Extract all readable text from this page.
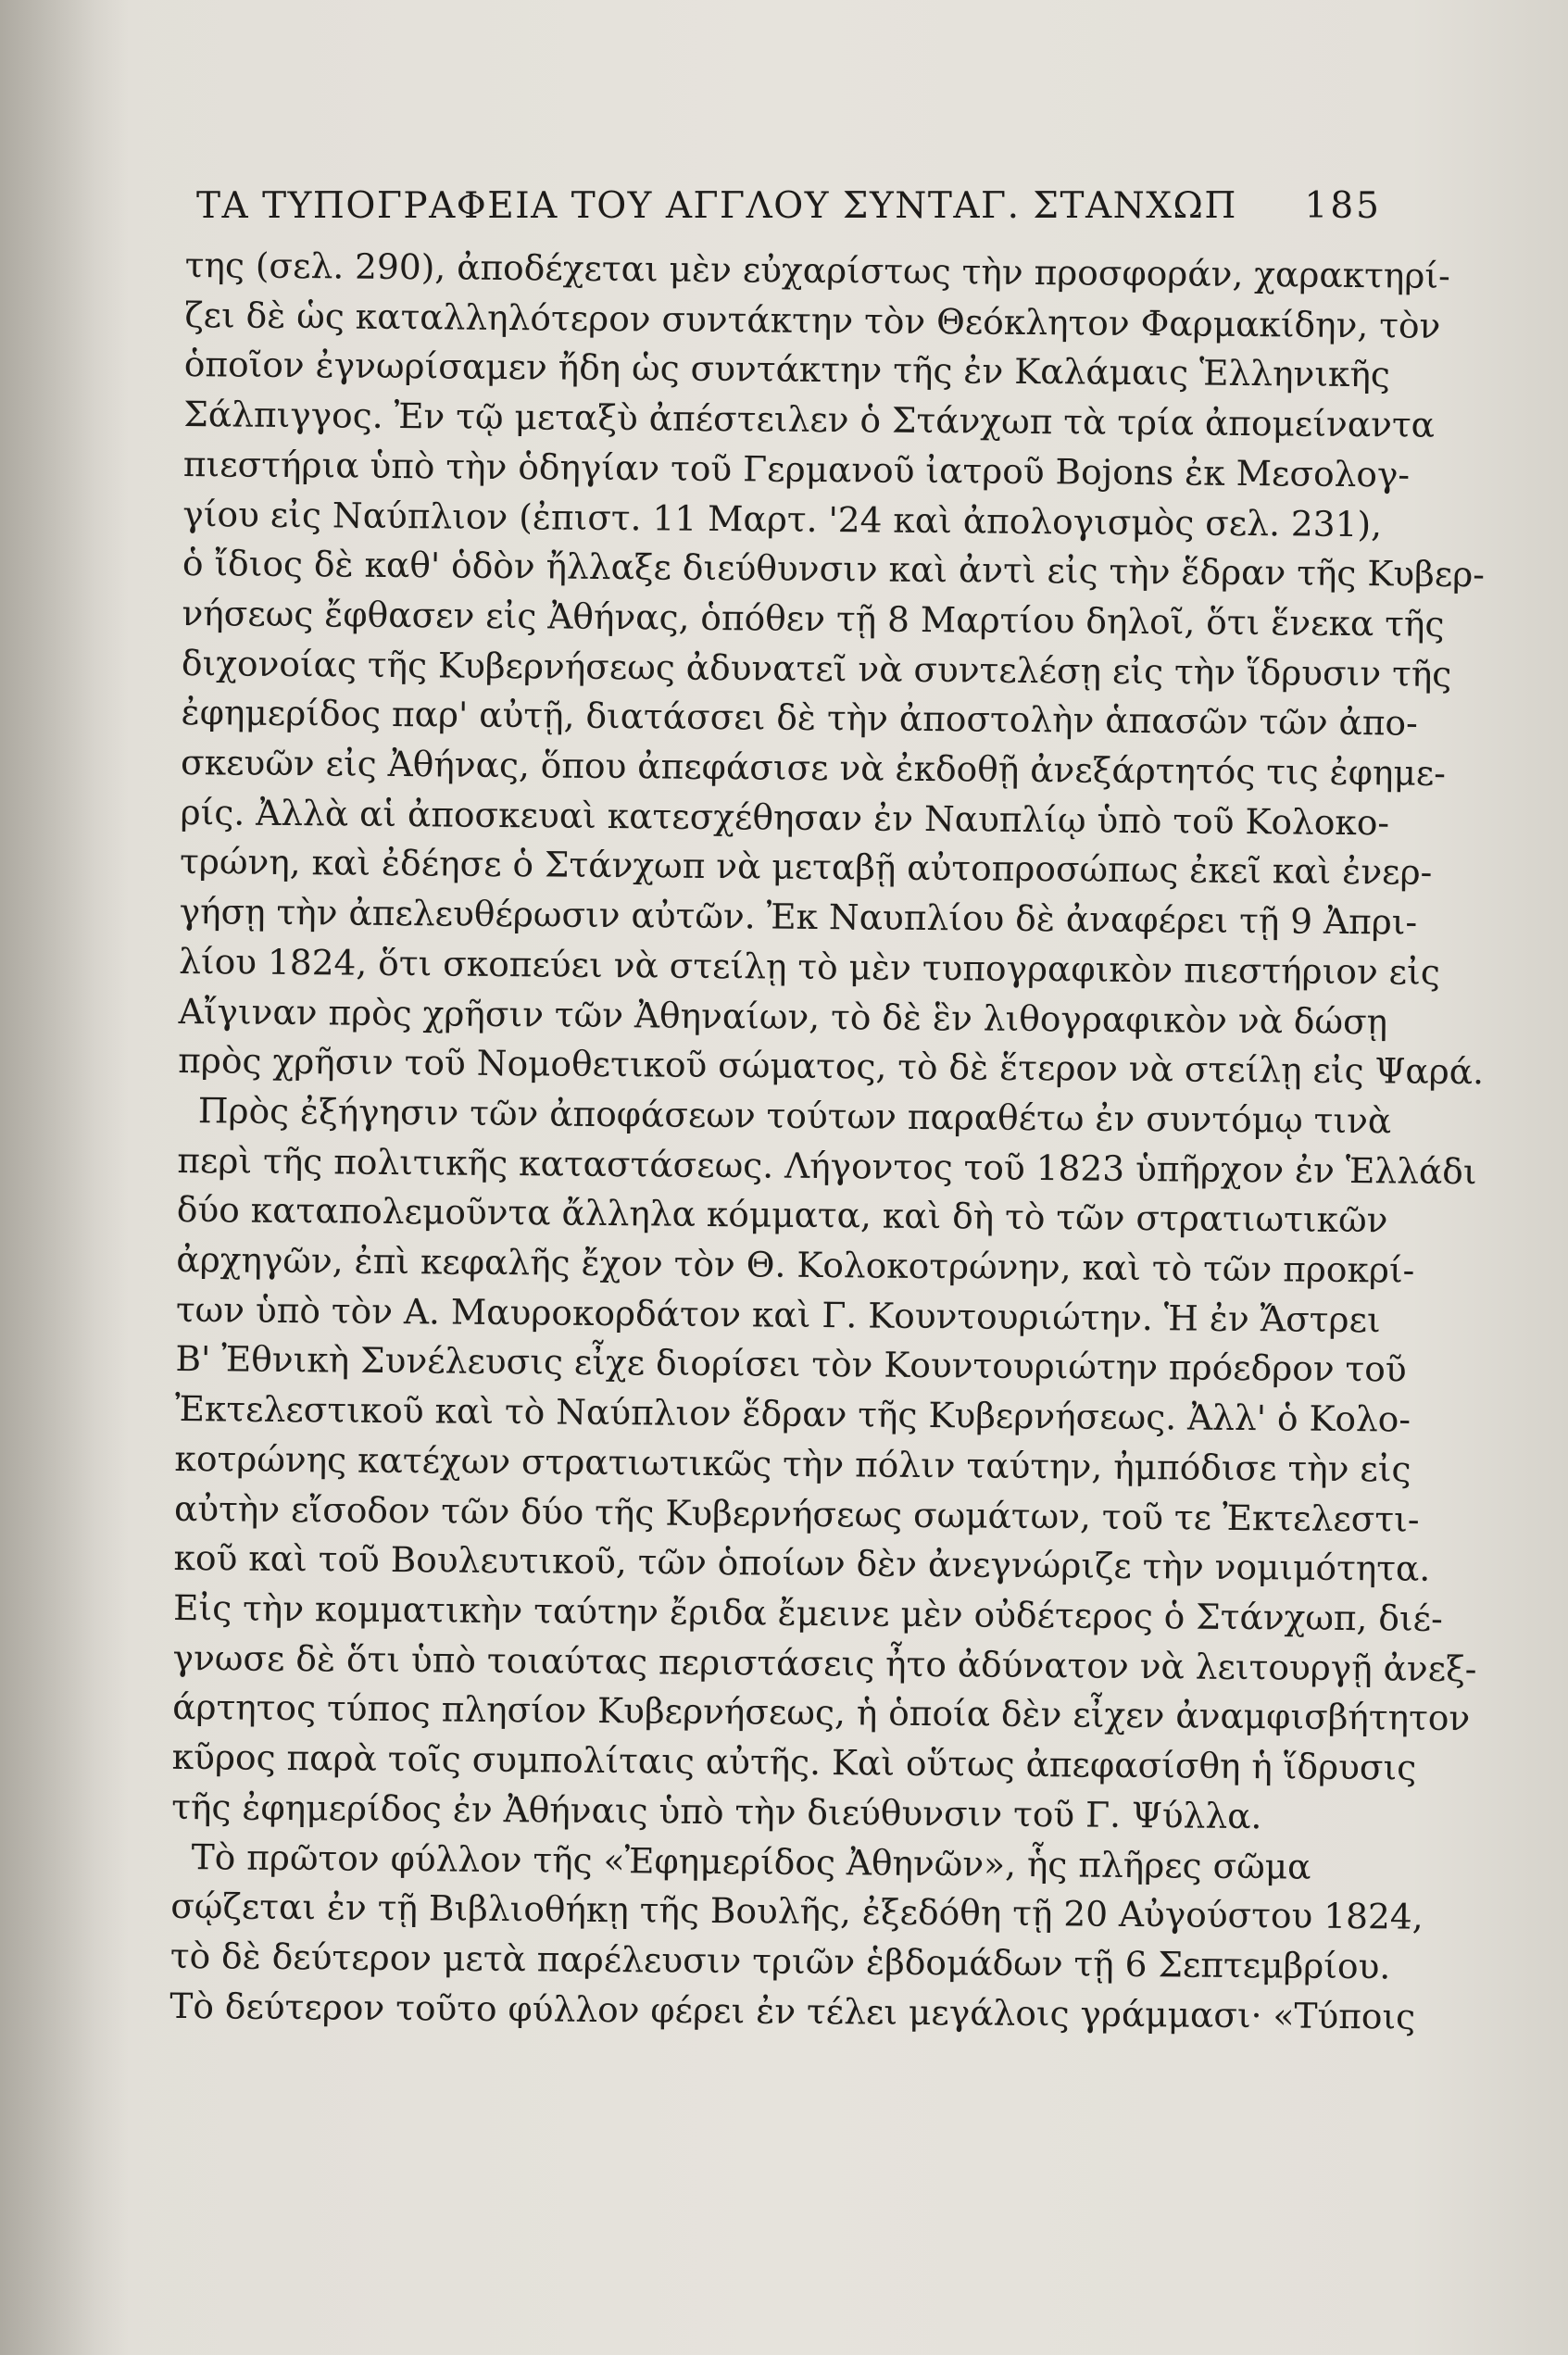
ΤΑ ΤΥΠΟΓΡΑΦΕΙΑ ΤΟΥ ΑΓΓΛΟΥ ΣΥΝΤΑΓ. ΣΤΑΝΧΩΠ 185
της (σελ. 290), ἀποδέχεται μὲν εὐχαρίστως τὴν προσφοράν, χαρακτηρί-
ζει δὲ ὡς καταλληλότερον συντάκτην τὸν Θεόκλητον Φαρμακίδην, τὸν
ὁποῖον ἐγνωρίσαμεν ἤδη ὡς συντάκτην τῆς ἐν Καλάμαις Ἑλληνικῆς
Σάλπιγγος. Ἐν τῷ μεταξὺ ἀπέστειλεν ὁ Στάνχωπ τὰ τρία ἀπομείναντα
πιεστήρια ὑπὸ τὴν ὁδηγίαν τοῦ Γερμανοῦ ἰατροῦ Bojons ἐκ Μεσολογ-
γίου εἰς Ναύπλιον (ἐπιστ. 11 Μαρτ. '24 καὶ ἀπολογισμὸς σελ. 231),
ὁ ἴδιος δὲ καθ' ὁδὸν ἤλλαξε διεύθυνσιν καὶ ἀντὶ εἰς τὴν ἕδραν τῆς Κυβερ-
νήσεως ἔφθασεν εἰς Ἀθήνας, ὁπόθεν τῇ 8 Μαρτίου δηλοῖ, ὅτι ἕνεκα τῆς
διχονοίας τῆς Κυβερνήσεως ἀδυνατεῖ νὰ συντελέσῃ εἰς τὴν ἵδρυσιν τῆς
ἐφημερίδος παρ' αὐτῇ, διατάσσει δὲ τὴν ἀποστολὴν ἁπασῶν τῶν ἀπο-
σκευῶν εἰς Ἀθήνας, ὅπου ἀπεφάσισε νὰ ἐκδοθῇ ἀνεξάρτητός τις ἐφημε-
ρίς. Ἀλλὰ αἱ ἀποσκευαὶ κατεσχέθησαν ἐν Ναυπλίῳ ὑπὸ τοῦ Κολοκο-
τρώνη, καὶ ἐδέησε ὁ Στάνχωπ νὰ μεταβῇ αὐτοπροσώπως ἐκεῖ καὶ ἐνερ-
γήσῃ τὴν ἀπελευθέρωσιν αὐτῶν. Ἐκ Ναυπλίου δὲ ἀναφέρει τῇ 9 Ἀπρι-
λίου 1824, ὅτι σκοπεύει νὰ στείλῃ τὸ μὲν τυπογραφικὸν πιεστήριον εἰς
Αἴγιναν πρὸς χρῆσιν τῶν Ἀθηναίων, τὸ δὲ ἓν λιθογραφικὸν νὰ δώσῃ
πρὸς χρῆσιν τοῦ Νομοθετικοῦ σώματος, τὸ δὲ ἕτερον νὰ στείλῃ εἰς Ψαρά.
Πρὸς ἐξήγησιν τῶν ἀποφάσεων τούτων παραθέτω ἐν συντόμῳ τινὰ
περὶ τῆς πολιτικῆς καταστάσεως. Λήγοντος τοῦ 1823 ὑπῆρχον ἐν Ἑλλάδι
δύο καταπολεμοῦντα ἄλληλα κόμματα, καὶ δὴ τὸ τῶν στρατιωτικῶν
ἀρχηγῶν, ἐπὶ κεφαλῆς ἔχον τὸν Θ. Κολοκοτρώνην, καὶ τὸ τῶν προκρί-
των ὑπὸ τὸν Α. Μαυροκορδάτον καὶ Γ. Κουντουριώτην. Ἡ ἐν Ἄστρει
Β' Ἐθνικὴ Συνέλευσις εἶχε διορίσει τὸν Κουντουριώτην πρόεδρον τοῦ
Ἐκτελεστικοῦ καὶ τὸ Ναύπλιον ἕδραν τῆς Κυβερνήσεως. Ἀλλ' ὁ Κολο-
κοτρώνης κατέχων στρατιωτικῶς τὴν πόλιν ταύτην, ἠμπόδισε τὴν εἰς
αὐτὴν εἴσοδον τῶν δύο τῆς Κυβερνήσεως σωμάτων, τοῦ τε Ἐκτελεστι-
κοῦ καὶ τοῦ Βουλευτικοῦ, τῶν ὁποίων δὲν ἀνεγνώριζε τὴν νομιμότητα.
Εἰς τὴν κομματικὴν ταύτην ἔριδα ἔμεινε μὲν οὐδέτερος ὁ Στάνχωπ, διέ-
γνωσε δὲ ὅτι ὑπὸ τοιαύτας περιστάσεις ἦτο ἀδύνατον νὰ λειτουργῇ ἀνεξ-
άρτητος τύπος πλησίον Κυβερνήσεως, ἡ ὁποία δὲν εἶχεν ἀναμφισβήτητον
κῦρος παρὰ τοῖς συμπολίταις αὐτῆς. Καὶ οὕτως ἀπεφασίσθη ἡ ἵδρυσις
τῆς ἐφημερίδος ἐν Ἀθήναις ὑπὸ τὴν διεύθυνσιν τοῦ Γ. Ψύλλα.
Τὸ πρῶτον φύλλον τῆς «Ἐφημερίδος Ἀθηνῶν», ἧς πλῆρες σῶμα
σῴζεται ἐν τῇ Βιβλιοθήκῃ τῆς Βουλῆς, ἐξεδόθη τῇ 20 Αὐγούστου 1824,
τὸ δὲ δεύτερον μετὰ παρέλευσιν τριῶν ἑβδομάδων τῇ 6 Σεπτεμβρίου.
Τὸ δεύτερον τοῦτο φύλλον φέρει ἐν τέλει μεγάλοις γράμμασι· «Τύποις
